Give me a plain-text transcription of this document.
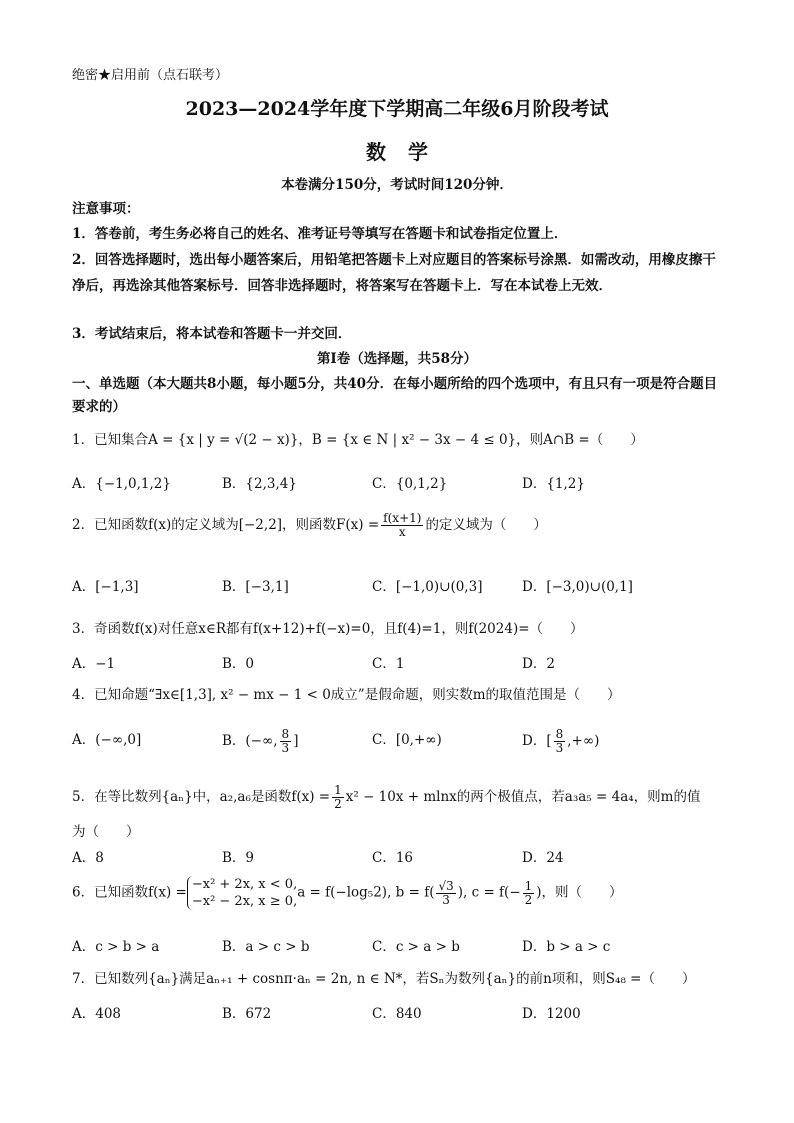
绝密★启用前（点石联考）
2023—2024学年度下学期高二年级6月阶段考试
数学
本卷满分150分，考试时间120分钟．
注意事项：
1．答卷前，考生务必将自己的姓名、准考证号等填写在答题卡和试卷指定位置上．
2．回答选择题时，选出每小题答案后，用铅笔把答题卡上对应题目的答案标号涂黑．如需改动，用橡皮擦干净后，再选涂其他答案标号．回答非选择题时，将答案写在答题卡上．写在本试卷上无效．
3．考试结束后，将本试卷和答题卡一并交回．
第Ⅰ卷（选择题，共58分）
一、单选题（本大题共8小题，每小题5分，共40分．在每小题所给的四个选项中，有且只有一项是符合题目要求的）
1．已知集合A = {x | y = √(2 − x)}，B = {x ∈ N | x² − 3x − 4 ≤ 0}，则A∩B =（　　）
A．{−1,0,1,2}	B．{2,3,4}	C．{0,1,2}	D．{1,2}
2．已知函数f(x)的定义域为[−2,2]，则函数$F(x) = \frac{f(x+1)}{x}$ 的定义域为（　　）
A．[−1,3]	B．[−3,1]	C．[−1,0)∪(0,3]	D．[−3,0)∪(0,1]
3．奇函数f(x)对任意x∈R都有f(x+12)+f(−x)=0，且f(4)=1，则f(2024)=（　　）
A．−1	B．0	C．1	D．2
4．已知命题“∃x∈[1,3], x² − mx − 1 < 0成立”是假命题，则实数m的取值范围是（　　）
A．(−∞,0]	B．(−∞, $\frac{8}{3}$ ]	C．[0,+∞)	D．[ $\frac{8}{3}$ ,+∞)
5．在等比数列{aₙ}中，a₂,a₆是函数$f(x) = \frac{1}{2} x^2 - 10x + mlnx$的两个极值点，若a₃a₅ = 4a₄，则m的值
为（　　）
A．8	B．9	C．16	D．24
6．已知函数f(x) = −x² + 2x, x < 0,
−x² − 2x, x ≥ 0,
a = f(−log₅2), $b = f( \frac{√3}{3}$ ), $c = f(- \frac{1}{2}$ )，则（　　）
A．c > b > a	B．a > c > b	C．c > a > b	D．b > a > c
7．已知数列{aₙ}满足aₙ₊₁ + cosnπ·aₙ = 2n, n ∈ N*，若Sₙ为数列{aₙ}的前n项和，则S₄₈ =（　　）
A．408	B．672	C．840	D．1200
